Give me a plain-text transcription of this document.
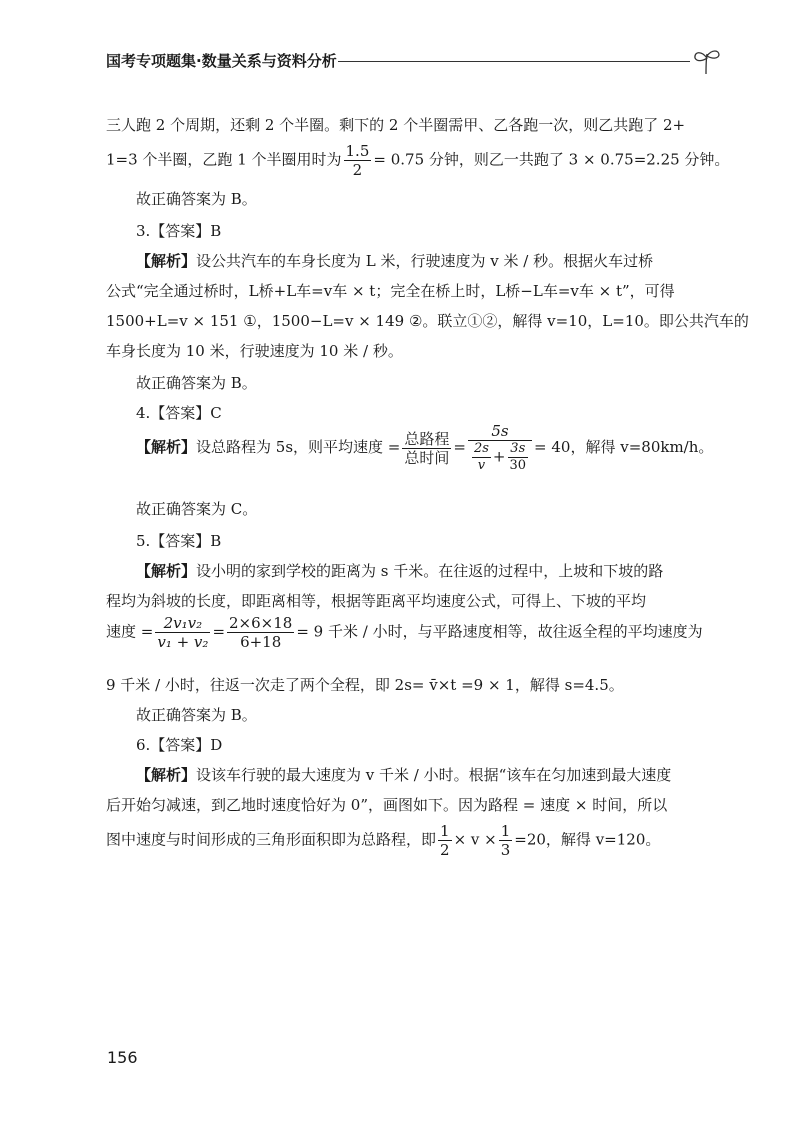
国考专项题集·数量关系与资料分析
三人跑 2 个周期，还剩 2 个半圈。剩下的 2 个半圈需甲、乙各跑一次，则乙共跑了 2+
1=3 个半圈，乙跑 1 个半圈用时为 $\frac{1.5}{2} = 0.75$ 分钟，则乙一共跑了 3 × 0.75=2.25 分钟。
故正确答案为 B。
3.【答案】B
【解析】设公共汽车的车身长度为 L 米，行驶速度为 v 米 / 秒。根据火车过桥
公式“完全通过桥时，L桥+L车=v车 × t；完全在桥上时，L桥−L车=v车 × t”，可得
1500+L=v × 151 ①，1500−L=v × 149 ②。联立①②，解得 v=10，L=10。即公共汽车的
车身长度为 10 米，行驶速度为 10 米 / 秒。
故正确答案为 B。
4.【答案】C
【解析】设总路程为 5s，则平均速度 = $\frac{\text{总路程}}{\text{总时间}} = \frac{5s}{\frac{2s}{v} + \frac{3s}{30}} = 40$，解得 v=80km/h。
故正确答案为 C。
5.【答案】B
【解析】设小明的家到学校的距离为 s 千米。在往返的过程中，上坡和下坡的路
程均为斜坡的长度，即距离相等，根据等距离平均速度公式，可得上、下坡的平均
速度 = $\frac{\text{2v₁v₂}}{\text{v₁ + v₂}} = \frac{2\times 6\times 18}{6+18} = 9$ 千米 / 小时，与平路速度相等，故往返全程的平均速度为
9 千米 / 小时，往返一次走了两个全程，即 2s= v̄×t =9 × 1，解得 s=4.5。
故正确答案为 B。
6.【答案】D
【解析】设该车行驶的最大速度为 v 千米 / 小时。根据“该车在匀加速到最大速度
后开始匀减速，到乙地时速度恰好为 0”，画图如下。因为路程 = 速度 × 时间，所以
图中速度与时间形成的三角形面积即为总路程，即 $\frac{1}{2} \times v \times \frac{1}{3} =20$，解得 v=120。
156
